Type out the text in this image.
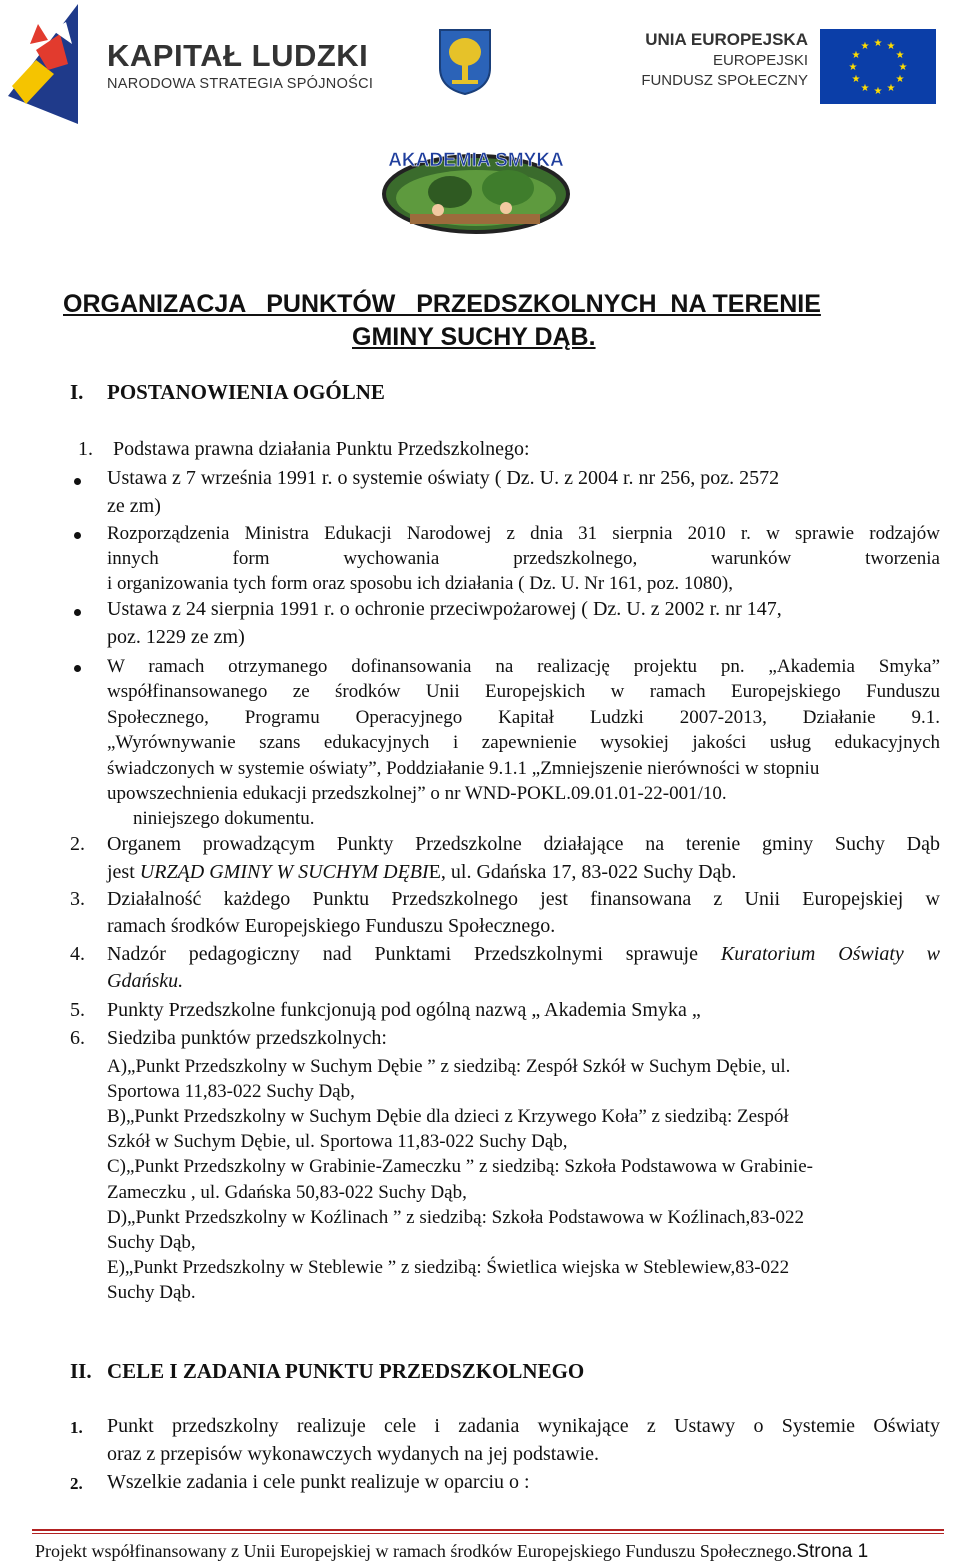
KAPITAŁ LUDZKI
NARODOWA STRATEGIA SPÓJNOŚCI
UNIA EUROPEJSKA
EUROPEJSKI
FUNDUSZ SPOŁECZNY
★ ★
★
★
★
★
★
★
★
★
★
★
AKADEMIA SMYKA
ORGANIZACJA   PUNKTÓW   PRZEDSZKOLNYCH  NA TERENIE
GMINY SUCHY DĄB.
I. POSTANOWIENIA OGÓLNE
1. Podstawa prawna działania Punktu Przedszkolnego:
Ustawa z 7 września 1991 r. o systemie oświaty ( Dz. U. z 2004 r. nr 256, poz. 2572
ze zm)
Rozporządzenia Ministra Edukacji Narodowej z dnia 31 sierpnia 2010 r. w sprawie rodzajów
innych form wychowania przedszkolnego, warunków tworzenia
i organizowania tych form oraz sposobu ich działania ( Dz. U. Nr 161, poz. 1080),
Ustawa z 24 sierpnia 1991 r. o ochronie przeciwpożarowej ( Dz. U. z 2002 r. nr 147,
poz. 1229 ze zm)
W ramach otrzymanego dofinansowania na realizację projektu pn. „Akademia Smyka”
współfinansowanego ze środków Unii Europejskich w ramach Europejskiego Funduszu
Społecznego, Programu Operacyjnego Kapitał Ludzki 2007-2013, Działanie 9.1.
„Wyrównywanie szans edukacyjnych i zapewnienie wysokiej jakości usług edukacyjnych
świadczonych w systemie oświaty”, Poddziałanie 9.1.1 „Zmniejszenie nierówności w stopniu
upowszechnienia edukacji przedszkolnej” o nr WND-POKL.09.01.01-22-001/10.
niniejszego dokumentu.
2. Organem prowadzącym Punkty Przedszkolne działające na terenie gminy Suchy Dąb
jest URZĄD GMINY W SUCHYM DĘBIE, ul. Gdańska 17, 83-022 Suchy Dąb.
3. Działalność każdego Punktu Przedszkolnego jest finansowana z Unii Europejskiej w
ramach środków Europejskiego Funduszu Społecznego.
4. Nadzór pedagogiczny nad Punktami Przedszkolnymi sprawuje Kuratorium Oświaty w
Gdańsku.
5. Punkty Przedszkolne funkcjonują pod ogólną nazwą „ Akademia Smyka „
6. Siedziba punktów przedszkolnych:
A)„Punkt Przedszkolny w Suchym Dębie ” z siedzibą: Zespół Szkół w Suchym Dębie, ul.
Sportowa 11,83-022 Suchy Dąb,
B)„Punkt Przedszkolny w Suchym Dębie dla dzieci z Krzywego Koła” z siedzibą: Zespół
Szkół w Suchym Dębie, ul. Sportowa 11,83-022 Suchy Dąb,
C)„Punkt Przedszkolny w Grabinie-Zameczku ” z siedzibą: Szkoła Podstawowa w Grabinie-
Zameczku , ul. Gdańska 50,83-022 Suchy Dąb,
D)„Punkt Przedszkolny w Koźlinach ” z siedzibą: Szkoła Podstawowa w Koźlinach,83-022
Suchy Dąb,
E)„Punkt Przedszkolny w Steblewie ” z siedzibą: Świetlica wiejska w Steblewiew,83-022
Suchy Dąb.
II. CELE I ZADANIA PUNKTU PRZEDSZKOLNEGO
1. Punkt przedszkolny realizuje cele i zadania wynikające z Ustawy o Systemie Oświaty
oraz z przepisów wykonawczych wydanych na jej podstawie.
2. Wszelkie zadania i cele punkt realizuje w oparciu o :
Projekt współfinansowany z Unii Europejskiej w ramach środków Europejskiego Funduszu Społecznego.Strona 1
